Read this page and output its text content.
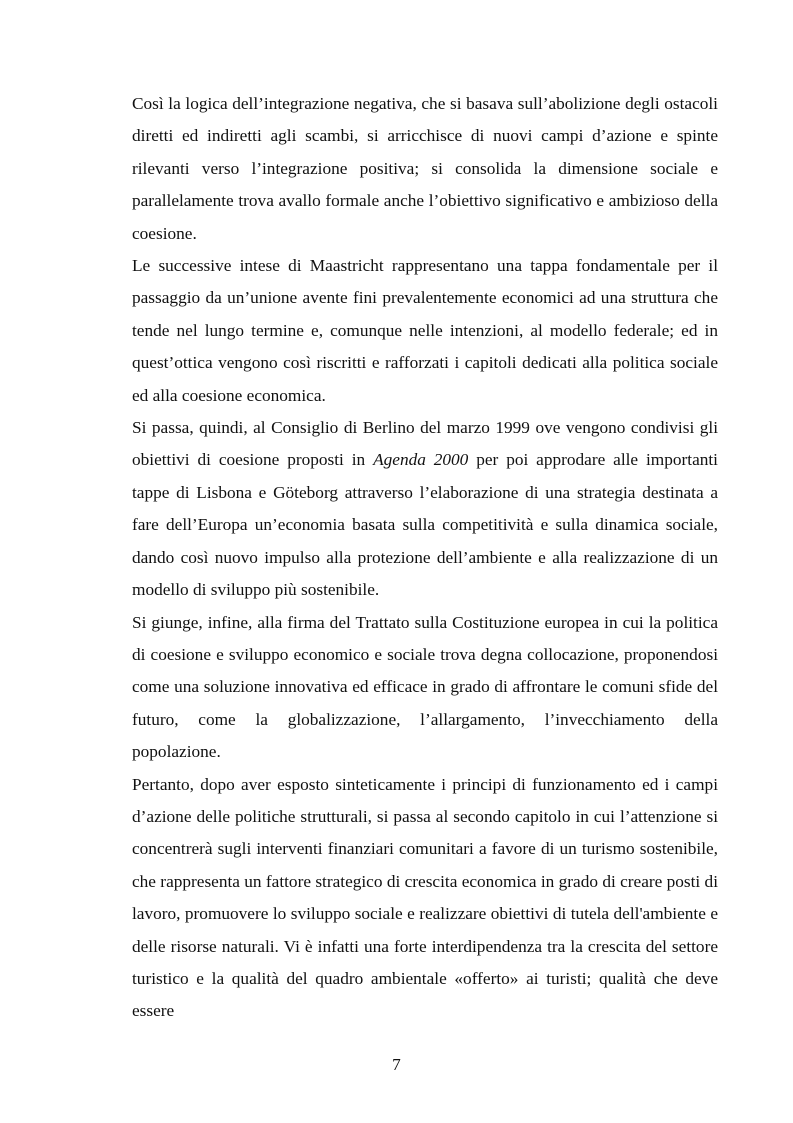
Così la logica dell’integrazione negativa, che si basava sull’abolizione degli ostacoli diretti ed indiretti agli scambi, si arricchisce di nuovi campi d’azione e spinte rilevanti verso l’integrazione positiva; si consolida la dimensione sociale e parallelamente trova avallo formale anche l’obiettivo significativo e ambizioso della coesione.

Le successive intese di Maastricht rappresentano una tappa fondamentale per il passaggio da un’unione avente fini prevalentemente economici ad una struttura che tende nel lungo termine e, comunque nelle intenzioni, al modello federale; ed in quest’ottica vengono così riscritti e rafforzati i capitoli dedicati alla politica sociale ed alla coesione economica.

Si passa, quindi, al Consiglio di Berlino del marzo 1999 ove vengono condivisi gli obiettivi di coesione proposti in Agenda 2000 per poi approdare alle importanti tappe di Lisbona e Göteborg attraverso l’elaborazione di una strategia destinata a fare dell’Europa un’economia basata sulla competitività e sulla dinamica sociale, dando così nuovo impulso alla protezione dell’ambiente e alla realizzazione di un modello di sviluppo più sostenibile.

Si giunge, infine, alla firma del Trattato sulla Costituzione europea in cui la politica di coesione e sviluppo economico e sociale trova degna collocazione, proponendosi come una soluzione innovativa ed efficace in grado di affrontare le comuni sfide del futuro, come la globalizzazione, l’allargamento, l’invecchiamento della popolazione.

Pertanto, dopo aver esposto sinteticamente i principi di funzionamento ed i campi d’azione delle politiche strutturali, si passa al secondo capitolo in cui l’attenzione si concentrerà sugli interventi finanziari comunitari a favore di un turismo sostenibile, che rappresenta un fattore strategico di crescita economica in grado di creare posti di lavoro, promuovere lo sviluppo sociale e realizzare obiettivi di tutela dell'ambiente e delle risorse naturali. Vi è infatti una forte interdipendenza tra la crescita del settore turistico e la qualità del quadro ambientale «offerto» ai turisti; qualità che deve essere

7
